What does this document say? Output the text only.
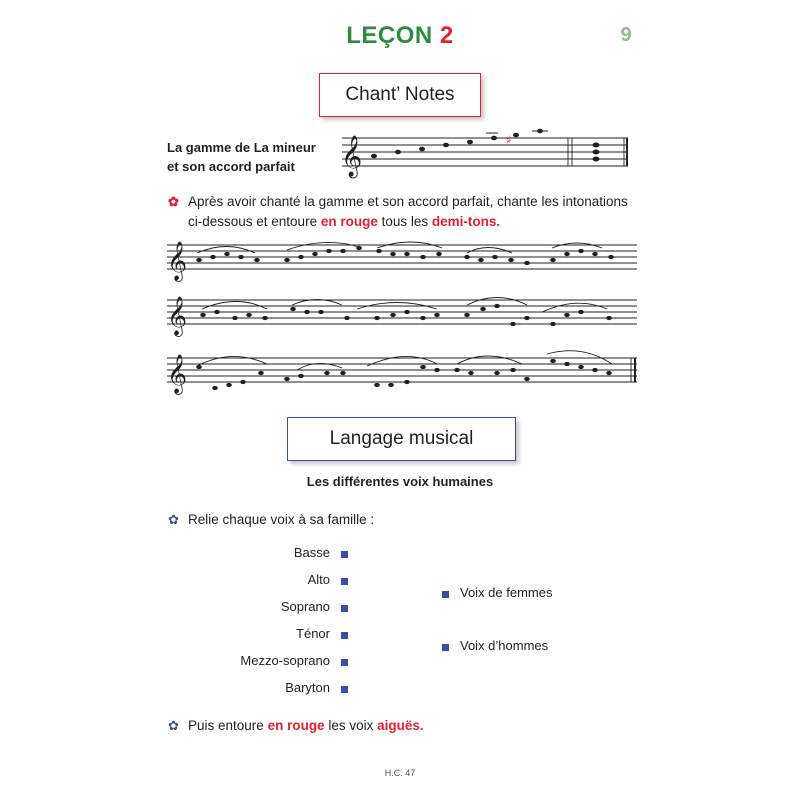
LEÇON 2	9
Chant’ Notes
La gamme de La mineur
et son accord parfait	𝄞	♯
✿ Après avoir chanté la gamme et son accord parfait, chante les intonations
ci-dessous et entoure en rouge tous les demi-tons.
𝄞
𝄞
𝄞
Langage musical
Les différentes voix humaines
✿ Relie chaque voix à sa famille :
Basse
Alto
Soprano
Ténor
Mezzo-soprano
Baryton
Voix de femmes
Voix d’hommes
✿ Puis entoure en rouge les voix aiguës.
H.C. 47
